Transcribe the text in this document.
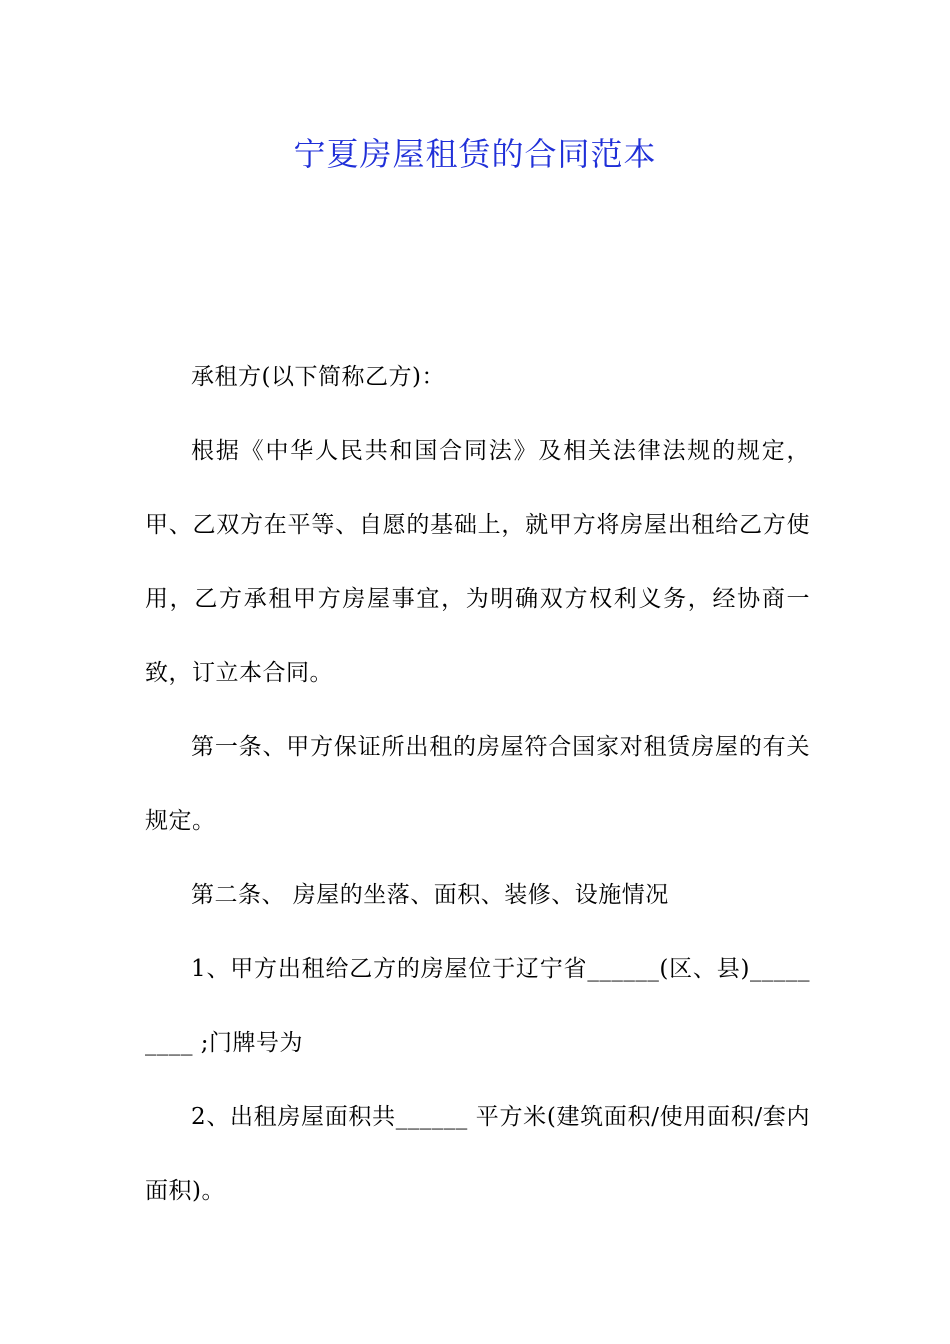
宁夏房屋租赁的合同范本

承租方(以下简称乙方)：

根据《中华人民共和国合同法》及相关法律法规的规定，甲、乙双方在平等、自愿的基础上，就甲方将房屋出租给乙方使用，乙方承租甲方房屋事宜，为明确双方权利义务，经协商一致，订立本合同。

第一条、甲方保证所出租的房屋符合国家对租赁房屋的有关规定。

第二条、 房屋的坐落、面积、装修、设施情况

1、甲方出租给乙方的房屋位于辽宁省______(区、县)_________ ;门牌号为

2、出租房屋面积共______ 平方米(建筑面积/使用面积/套内面积)。
